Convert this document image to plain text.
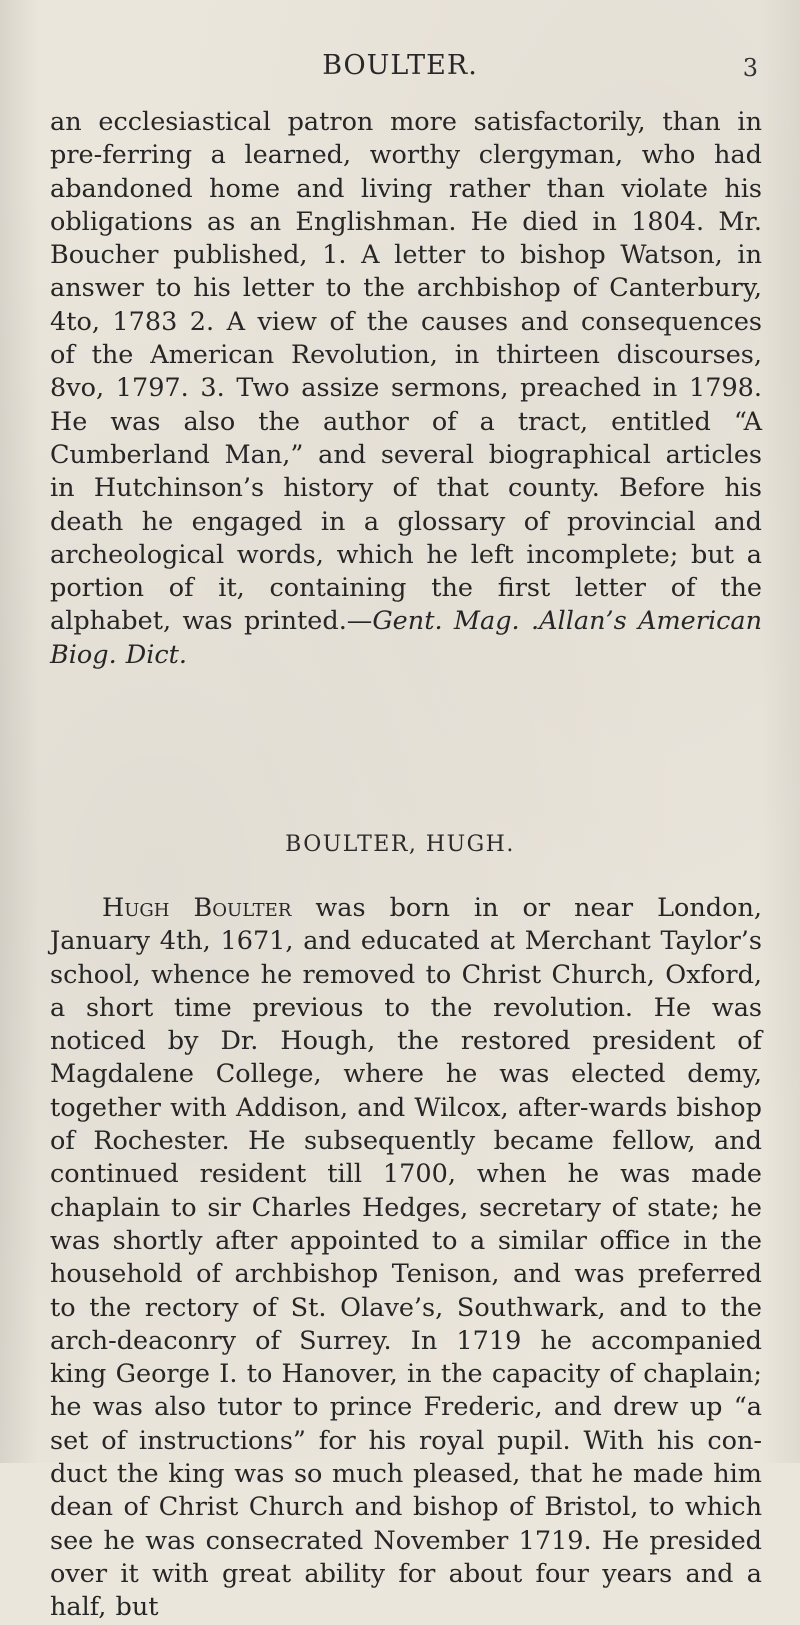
BOULTER.	3

an ecclesiastical patron more satisfactorily, than in pre-ferring a learned, worthy clergyman, who had abandoned home and living rather than violate his obligations as an Englishman. He died in 1804. Mr. Boucher published, 1. A letter to bishop Watson, in answer to his letter to the archbishop of Canterbury, 4to, 1783 2. A view of the causes and consequences of the American Revolution, in thirteen discourses, 8vo, 1797. 3. Two assize sermons, preached in 1798. He was also the author of a tract, entitled “A Cumberland Man,” and several biographical articles in Hutchinson’s history of that county. Before his death he engaged in a glossary of provincial and archeological words, which he left incomplete; but a portion of it, containing the first letter of the alphabet, was printed.—Gent. Mag. .Allan’s American Biog. Dict.

BOULTER, HUGH.

Hugh Boulter was born in or near London, January 4th, 1671, and educated at Merchant Taylor’s school, whence he removed to Christ Church, Oxford, a short time previous to the revolution. He was noticed by Dr. Hough, the restored president of Magdalene College, where he was elected demy, together with Addison, and Wilcox, after-wards bishop of Rochester. He subsequently became fellow, and continued resident till 1700, when he was made chaplain to sir Charles Hedges, secretary of state; he was shortly after appointed to a similar office in the household of archbishop Tenison, and was preferred to the rectory of St. Olave’s, Southwark, and to the arch-deaconry of Surrey. In 1719 he accompanied king George I. to Hanover, in the capacity of chaplain; he was also tutor to prince Frederic, and drew up “a set of instructions” for his royal pupil. With his con-duct the king was so much pleased, that he made him dean of Christ Church and bishop of Bristol, to which see he was consecrated November 1719. He presided over it with great ability for about four years and a half, but
